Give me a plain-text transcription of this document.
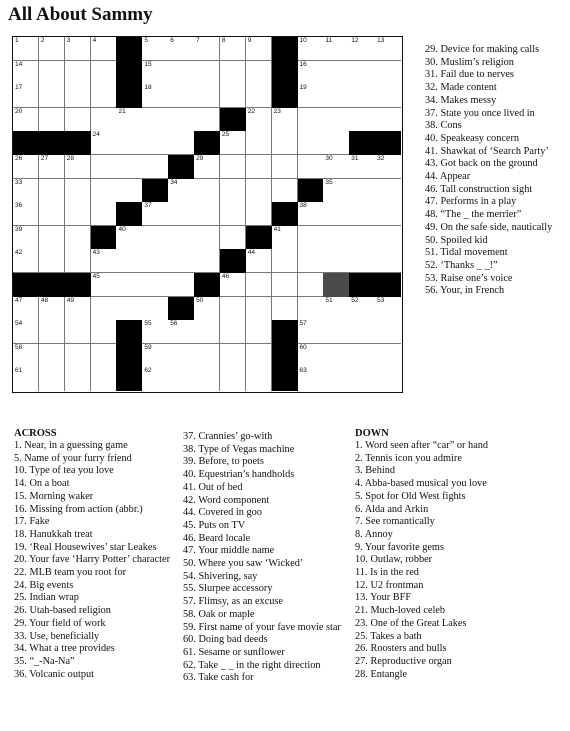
All About Sammy
1	2	3	4	5	6	7	8	9	10	11	12	13
14	15	16
17	18	19
20	21	22	23
24	25
26	27	28	29	30	31	32
33	34	35
36	37	38
39	40	41
42	43	44
45	46
47	48	49	50	51	52	53
54	55	56	57
58	59	60
61	62	63
29. Device for making calls
30. Muslim’s religion
31. Fail due to nerves
32. Made content
34. Makes messy
37. State you once lived in
38. Cons
40. Speakeasy concern
41. Shawkat of ‘Search Party’
43. Got back on the ground
44. Appear
46. Tall construction sight
47. Performs in a play
48. “The _ the merrier”
49. On the safe side, nautically
50. Spoiled kid
51. Tidal movement
52. ‘Thanks _ _!”
53. Raise one’s voice
56. Your, in French
ACROSS
1. Near, in a guessing game
5. Name of your furry friend
10. Type of tea you love
14. On a boat
15. Morning waker
16. Missing from action (abbr.)
17. Fake
18. Hanukkah treat
19. ‘Real Housewives’ star Leakes
20. Your fave ‘Harry Potter’ character
22. MLB team you root for
24. Big events
25. Indian wrap
26. Utah-based religion
29. Your field of work
33. Use, beneficially
34. What a tree provides
35. “_-Na-Na”
36. Volcanic output
37. Crannies’ go-with
38. Type of Vegas machine
39. Before, to poets
40. Equestrian’s handholds
41. Out of bed
42. Word component
44. Covered in goo
45. Puts on TV
46. Beard locale
47. Your middle name
50. Where you saw ‘Wicked’
54. Shivering, say
55. Slurpee accessory
57. Flimsy, as an excuse
58. Oak or maple
59. First name of your fave movie star
60. Doing bad deeds
61. Sesame or sunflower
62. Take _ _ in the right direction
63. Take cash for
DOWN
1. Word seen after “car” or hand
2. Tennis icon you admire
3. Behind
4. Abba-based musical you love
5. Spot for Old West fights
6. Alda and Arkin
7. See romantically
8. Annoy
9. Your favorite gems
10. Outlaw, robber
11. Is in the red
12. U2 frontman
13. Your BFF
21. Much-loved celeb
23. One of the Great Lakes
25. Takes a bath
26. Roosters and bulls
27. Reproductive organ
28. Entangle
